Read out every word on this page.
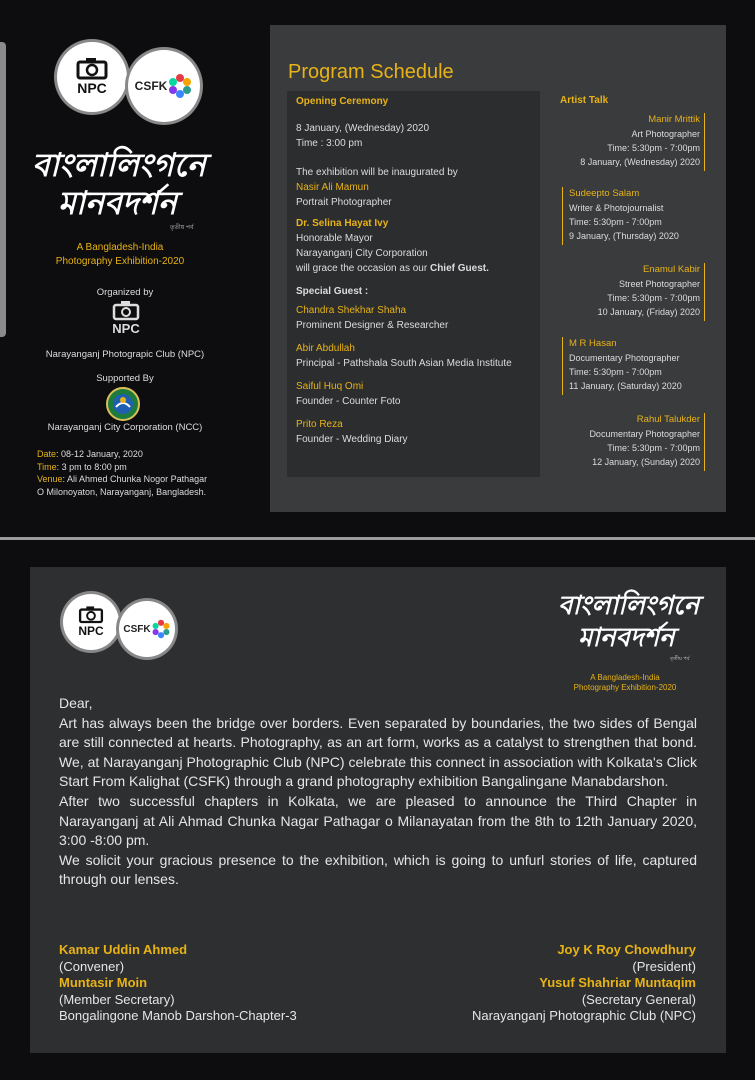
NPC CSFK
বাংলালিংগনে
মানবদর্শন
তৃতীয় পর্ব
A Bangladesh-India
Photography Exhibition-2020
Organized by
NPC
Narayanganj Photograpic Club (NPC)
Supported By
Narayanganj City Corporation (NCC)
Date: 08-12 January, 2020
Time: 3 pm to 8:00 pm
Venue: Ali Ahmed Chunka Nogor Pathagar
O Milonoyaton, Narayanganj, Bangladesh.
Program Schedule
Opening Ceremony
8 January, (Wednesday) 2020
Time : 3:00 pm
The exhibition will be inaugurated by
Nasir Ali Mamun
Portrait Photographer
Dr. Selina Hayat Ivy
Honorable Mayor
Narayanganj City Corporation
will grace the occasion as our Chief Guest.
Special Guest :
Chandra Shekhar Shaha
Prominent Designer & Researcher
Abir Abdullah
Principal - Pathshala South Asian Media Institute
Saiful Huq Omi
Founder - Counter Foto
Prito Reza
Founder - Wedding Diary
Artist Talk
Manir Mrittik
Art Photographer
Time: 5:30pm - 7:00pm
8 January, (Wednesday) 2020
Sudeepto Salam
Writer & Photojournalist
Time: 5:30pm - 7:00pm
9 January, (Thursday) 2020
Enamul Kabir
Street Photographer
Time: 5:30pm - 7:00pm
10 January, (Friday) 2020
M R Hasan
Documentary Photographer
Time: 5:30pm - 7:00pm
11 January, (Saturday) 2020
Rahul Talukder
Documentary Photographer
Time: 5:30pm - 7:00pm
12 January, (Sunday) 2020
NPC CSFK
বাংলালিংগনে
মানবদর্শন
তৃতীয় পর্ব
A Bangladesh-India
Photography Exhibition-2020

Dear,

Art has always been the bridge over borders. Even separated by boundaries, the two sides of Bengal are still connected at hearts. Photography, as an art form, works as a catalyst to strengthen that bond. We, at Narayanganj Photographic Club (NPC) celebrate this connect in association with Kolkata's Click Start From Kalighat (CSFK) through a grand photography exhibition Bangalingane Manabdarshon.

After two successful chapters in Kolkata, we are pleased to announce the Third Chapter in Narayanganj at Ali Ahmad Chunka Nagar Pathagar o Milanayatan from the 8th to 12th January 2020, 3:00 -8:00 pm.

We solicit your gracious presence to the exhibition, which is going to unfurl stories of life, captured through our lenses.

Kamar Uddin Ahmed
(Convener)
Muntasir Moin
(Member Secretary)
Bongalingone Manob Darshon-Chapter-3
Joy K Roy Chowdhury
(President)
Yusuf Shahriar Muntaqim
(Secretary General)
Narayanganj Photographic Club (NPC)
